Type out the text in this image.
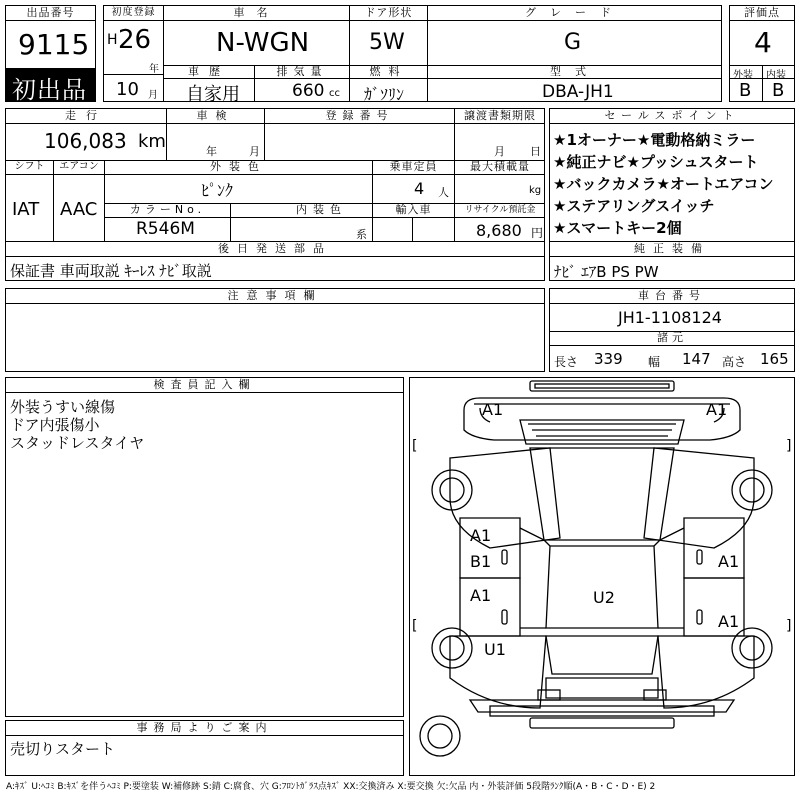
出品番号
9115
初出品
初度登録
H 26
年
10 月
車名
N-WGN
ドア形状
5W
グレード
G
車歴	排気量	燃料	型式
自家用	660 cc ｶﾞｿﾘﾝ	DBA-JH1
評価点
4
外装 内装
B B
走行
106,083 km
車検
年	月
登録番号	譲渡書類期限
月 日
シフト
IAT
エアコン
AAC
外装色
ﾋﾟﾝｸ
乗車定員
4 人
最大積載量
kg
カラーNo.
R546M
内装色
系
輸入車	リサイクル預託金
8,680 円
セールスポイント
★1オーナー★電動格納ミラー
★純正ナビ★プッシュスタート
★バックカメラ★オートエアコン
★ステアリングスイッチ
★スマートキー2個
後日発送部品
保証書 車両取説 ｷｰﾚｽ ﾅﾋﾞ取説
純正装備
ﾅﾋﾞ ｴｱB PS PW
注意事項欄	車台番号
JH1-1108124
諸元
長さ 339 幅 147 高さ 165
検査員記入欄
外装うすい線傷
ドア内張傷小
スタッドレスタイヤ
事務局よりご案内
売切りスタート
[	]
[	]
A1	A1
A1
B1	A1
A1
A1
U2
U1
A:ｷｽﾞ U:ﾍｺﾐ B:ｷｽﾞを伴うﾍｺﾐ P:要塗装 W:補修跡 S:錆 C:腐食、穴 G:ﾌﾛﾝﾄｶﾞﾗｽ点ｷｽﾞ XX:交換済み X:要交換 欠:欠品 内・外装評価 5段階ﾗﾝｸ順(A・B・C・D・E) 2
